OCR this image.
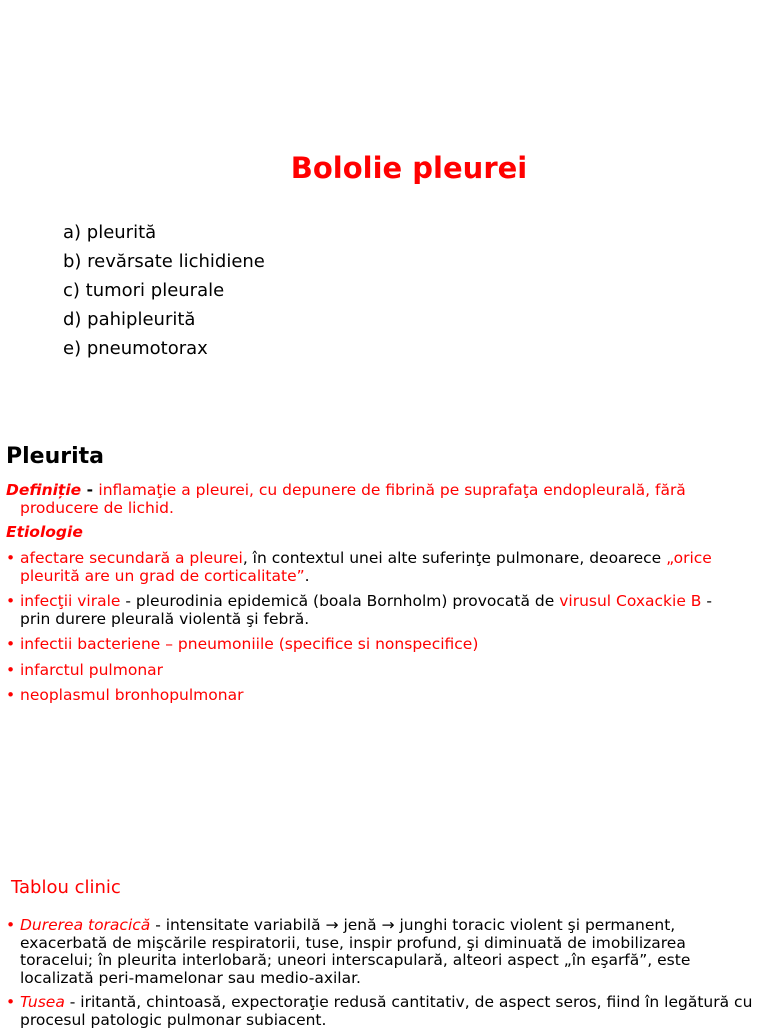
Bololie pleurei
a) pleurită
b) revărsate lichidiene
c) tumori pleurale
d) pahipleurită
e) pneumotorax
Pleurita
Definiție - inflamaţie a pleurei, cu depunere de fibrină pe suprafaţa endopleurală, fără
producere de lichid.
Etiologie
• afectare secundară a pleurei, în contextul unei alte suferinţe pulmonare, deoarece „orice pleurită are un grad de corticalitate”.
• infecţii virale - pleurodinia epidemică (boala Bornholm) provocată de virusul Coxackie B - prin durere pleurală violentă şi febră.
• infectii bacteriene – pneumoniile (specifice si nonspecifice)
• infarctul pulmonar
• neoplasmul bronhopulmonar
Tablou clinic
• Durerea toracică - intensitate variabilă → jenă → junghi toracic violent şi permanent, exacerbată de mişcările respiratorii, tuse, inspir profund, şi diminuată de imobilizarea toracelui; în pleurita interlobară; uneori interscapulară, alteori aspect „în eşarfă”, este localizată peri-mamelonar sau medio-axilar.
• Tusea - iritantă, chintoasă, expectoraţie redusă cantitativ, de aspect seros, fiind în legătură cu procesul patologic pulmonar subiacent.
